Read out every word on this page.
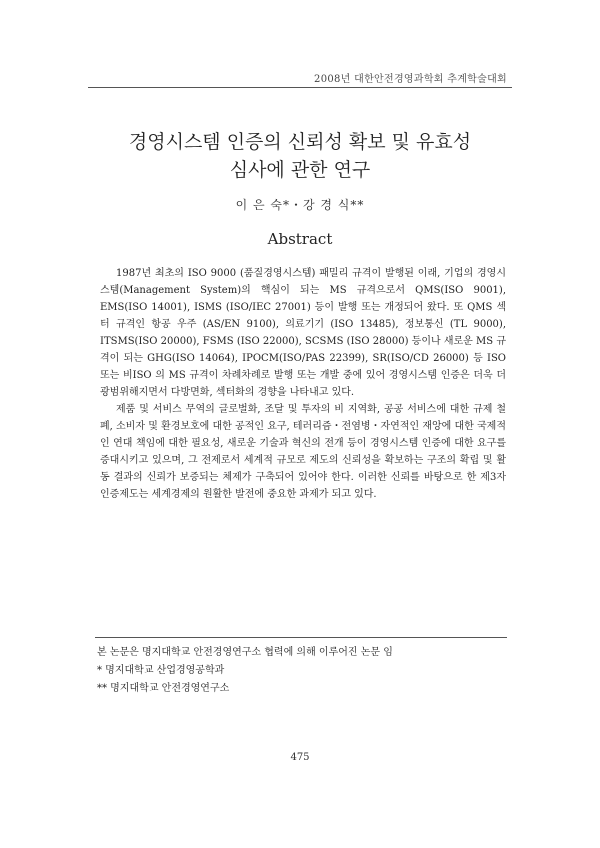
2008년 대한안전경영과학회 추계학술대회
경영시스템 인증의 신뢰성 확보 및 유효성
심사에 관한 연구
이 은 숙*・강 경 식**
Abstract

1987년 최초의 ISO 9000 (품질경영시스템) 패밀리 규격이 발행된 이래, 기업의 경영시스템(Management System)의 핵심이 되는 MS 규격으로서 QMS(ISO 9001), EMS(ISO 14001), ISMS (ISO/IEC 27001) 등이 발행 또는 개정되어 왔다. 또 QMS 섹터 규격인 항공 우주 (AS/EN 9100), 의료기기 (ISO 13485), 정보통신 (TL 9000), ITSMS(ISO 20000), FSMS (ISO 22000), SCSMS (ISO 28000) 등이나 새로운 MS 규격이 되는 GHG(ISO 14064), IPOCM(ISO/PAS 22399), SR(ISO/CD 26000) 등 ISO 또는 비ISO 의 MS 규격이 차례차례로 발행 또는 개발 중에 있어 경영시스템 인증은 더욱 더 광범위해지면서 다방면화, 섹터화의 경향을 나타내고 있다.

제품 및 서비스 무역의 글로벌화, 조달 및 투자의 비 지역화, 공공 서비스에 대한 규제 철폐, 소비자 및 환경보호에 대한 공적인 요구, 테러리즘・전염병・자연적인 재앙에 대한 국제적인 연대 책임에 대한 필요성, 새로운 기술과 혁신의 전개 등이 경영시스템 인증에 대한 요구를 증대시키고 있으며, 그 전제로서 세계적 규모로 제도의 신뢰성을 확보하는 구조의 확립 및 활동 결과의 신뢰가 보증되는 체제가 구축되어 있어야 한다. 이러한 신뢰를 바탕으로 한 제3자 인증제도는 세계경제의 원활한 발전에 중요한 과제가 되고 있다.

본 논문은 명지대학교 안전경영연구소 협력에 의해 이루어진 논문 임
* 명지대학교 산업경영공학과
** 명지대학교 안전경영연구소
475
